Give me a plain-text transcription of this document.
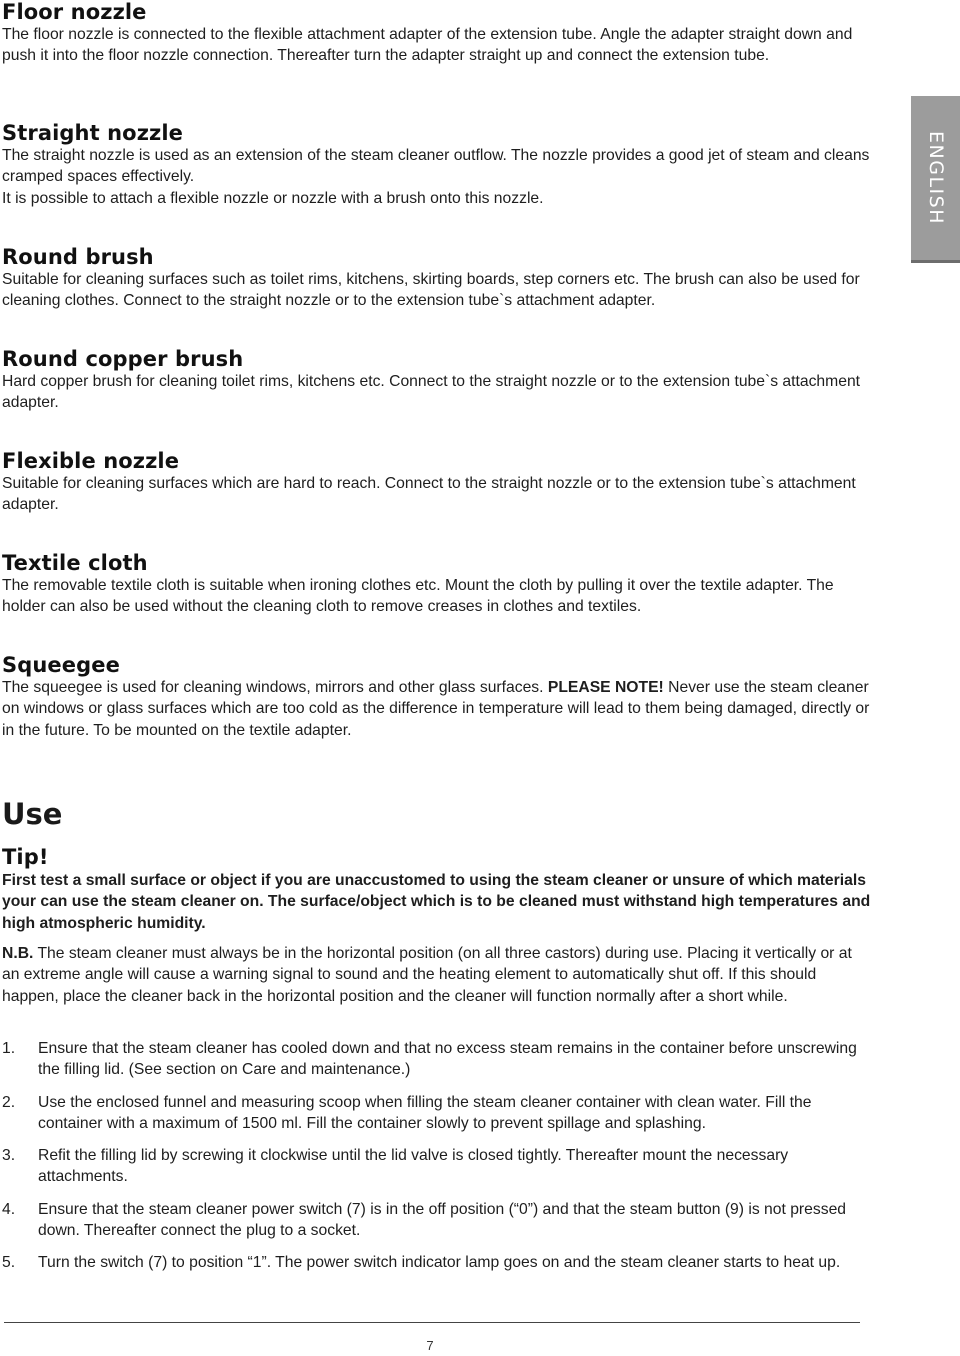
Floor nozzle

The floor nozzle is connected to the flexible attachment adapter of the extension tube. Angle the adapter straight down and push it into the floor nozzle connection. Thereafter turn the adapter straight up and connect the extension tube.

Straight nozzle

The straight nozzle is used as an extension of the steam cleaner outflow. The nozzle provides a good jet of steam and cleans cramped spaces effectively.

It is possible to attach a flexible nozzle or nozzle with a brush onto this nozzle.

Round brush

Suitable for cleaning surfaces such as toilet rims, kitchens, skirting boards, step corners etc. The brush can also be used for cleaning clothes. Connect to the straight nozzle or to the extension tube`s attachment adapter.

Round copper brush

Hard copper brush for cleaning toilet rims, kitchens etc. Connect to the straight nozzle or to the extension tube`s attachment adapter.

Flexible nozzle

Suitable for cleaning surfaces which are hard to reach. Connect to the straight nozzle or to the extension tube`s attachment adapter.

Textile cloth

The removable textile cloth is suitable when ironing clothes etc. Mount the cloth by pulling it over the textile adapter. The holder can also be used without the cleaning cloth to remove creases in clothes and textiles.

Squeegee

The squeegee is used for cleaning windows, mirrors and other glass surfaces. PLEASE NOTE! Never use the steam cleaner on windows or glass surfaces which are too cold as the difference in temperature will lead to them being damaged, directly or in the future. To be mounted on the textile adapter.

Use
Tip!

First test a small surface or object if you are unaccustomed to using the steam cleaner or unsure of which materials your can use the steam cleaner on. The surface/object which is to be cleaned must withstand high temperatures and high atmospheric humidity.

N.B. The steam cleaner must always be in the horizontal position (on all three castors) during use. Placing it vertically or at an extreme angle will cause a warning signal to sound and the heating element to automatically shut off. If this should happen, place the cleaner back in the horizontal position and the cleaner will function normally after a short while.

1. Ensure that the steam cleaner has cooled down and that no excess steam remains in the container before unscrewing the filling lid. (See section on Care and maintenance.)
2. Use the enclosed funnel and measuring scoop when filling the steam cleaner container with clean water. Fill the container with a maximum of 1500 ml. Fill the container slowly to prevent spillage and splashing.
3. Refit the filling lid by screwing it clockwise until the lid valve is closed tightly. Thereafter mount the necessary attachments.
4. Ensure that the steam cleaner power switch (7) is in the off position (“0”) and that the steam button (9) is not pressed down. Thereafter connect the plug to a socket.
5. Turn the switch (7) to position “1”. The power switch indicator lamp goes on and the steam cleaner starts to heat up.
ENGLISH
7
